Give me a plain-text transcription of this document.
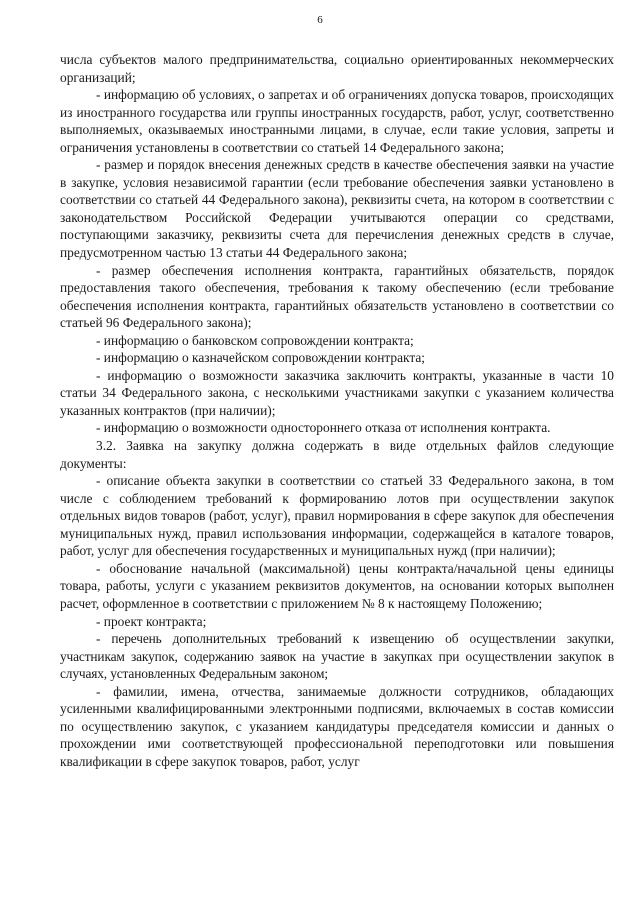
6

числа субъектов малого предпринимательства, социально ориентированных некоммерческих организаций;

- информацию об условиях, о запретах и об ограничениях допуска товаров, происходящих из иностранного государства или группы иностранных государств, работ, услуг, соответственно выполняемых, оказываемых иностранными лицами, в случае, если такие условия, запреты и ограничения установлены в соответствии со статьей 14 Федерального закона;

- размер и порядок внесения денежных средств в качестве обеспечения заявки на участие в закупке, условия независимой гарантии (если требование обеспечения заявки установлено в соответствии со статьей 44 Федерального закона), реквизиты счета, на котором в соответствии с законодательством Российской Федерации учитываются операции со средствами, поступающими заказчику, реквизиты счета для перечисления денежных средств в случае, предусмотренном частью 13 статьи 44 Федерального закона;

- размер обеспечения исполнения контракта, гарантийных обязательств, порядок предоставления такого обеспечения, требования к такому обеспечению (если требование обеспечения исполнения контракта, гарантийных обязательств установлено в соответствии со статьей 96 Федерального закона);

- информацию о банковском сопровождении контракта;

- информацию о казначейском сопровождении контракта;

- информацию о возможности заказчика заключить контракты, указанные в части 10 статьи 34 Федерального закона, с несколькими участниками закупки с указанием количества указанных контрактов (при наличии);

- информацию о возможности одностороннего отказа от исполнения контракта.

3.2. Заявка на закупку должна содержать в виде отдельных файлов следующие документы:

- описание объекта закупки в соответствии со статьей 33 Федерального закона, в том числе с соблюдением требований к формированию лотов при осуществлении закупок отдельных видов товаров (работ, услуг), правил нормирования в сфере закупок для обеспечения муниципальных нужд, правил использования информации, содержащейся в каталоге товаров, работ, услуг для обеспечения государственных и муниципальных нужд (при наличии);

- обоснование начальной (максимальной) цены контракта/начальной цены единицы товара, работы, услуги с указанием реквизитов документов, на основании которых выполнен расчет, оформленное в соответствии с приложением № 8 к настоящему Положению;

- проект контракта;

- перечень дополнительных требований к извещению об осуществлении закупки, участникам закупок, содержанию заявок на участие в закупках при осуществлении закупок в случаях, установленных Федеральным законом;

- фамилии, имена, отчества, занимаемые должности сотрудников, обладающих усиленными квалифицированными электронными подписями, включаемых в состав комиссии по осуществлению закупок, с указанием кандидатуры председателя комиссии и данных о прохождении ими соответствующей профессиональной переподготовки или повышения квалификации в сфере закупок товаров, работ, услуг
